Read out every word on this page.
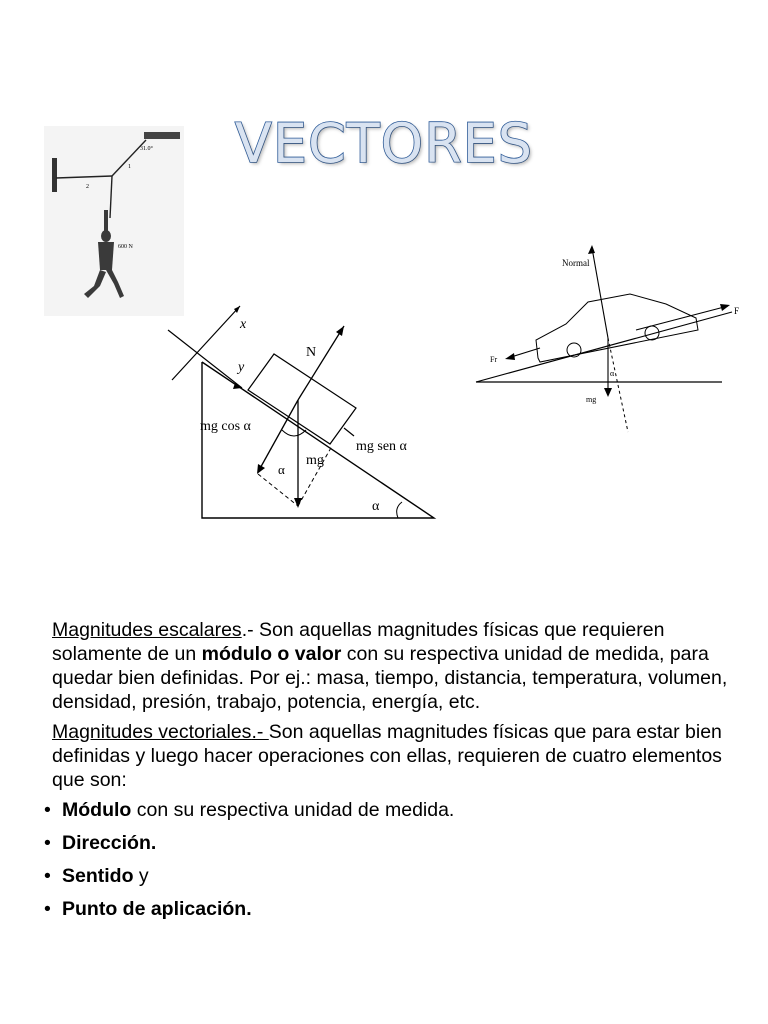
VECTORES
31.0°
2
1
600 N
x
y
N
mg cos α
mg sen α
mg
α
α
Normal
mg
α
F
Fr

Magnitudes escalares.- Son aquellas magnitudes físicas que requieren solamente de un módulo o valor con su respectiva unidad de medida, para quedar bien definidas. Por ej.: masa, tiempo, distancia, temperatura, volumen, densidad, presión, trabajo, potencia, energía, etc.

Magnitudes vectoriales.- Son aquellas magnitudes físicas que para estar bien definidas y luego hacer operaciones con ellas, requieren de cuatro elementos que son:

• Módulo con su respectiva unidad de medida.
• Dirección.
• Sentido y
• Punto de aplicación.
